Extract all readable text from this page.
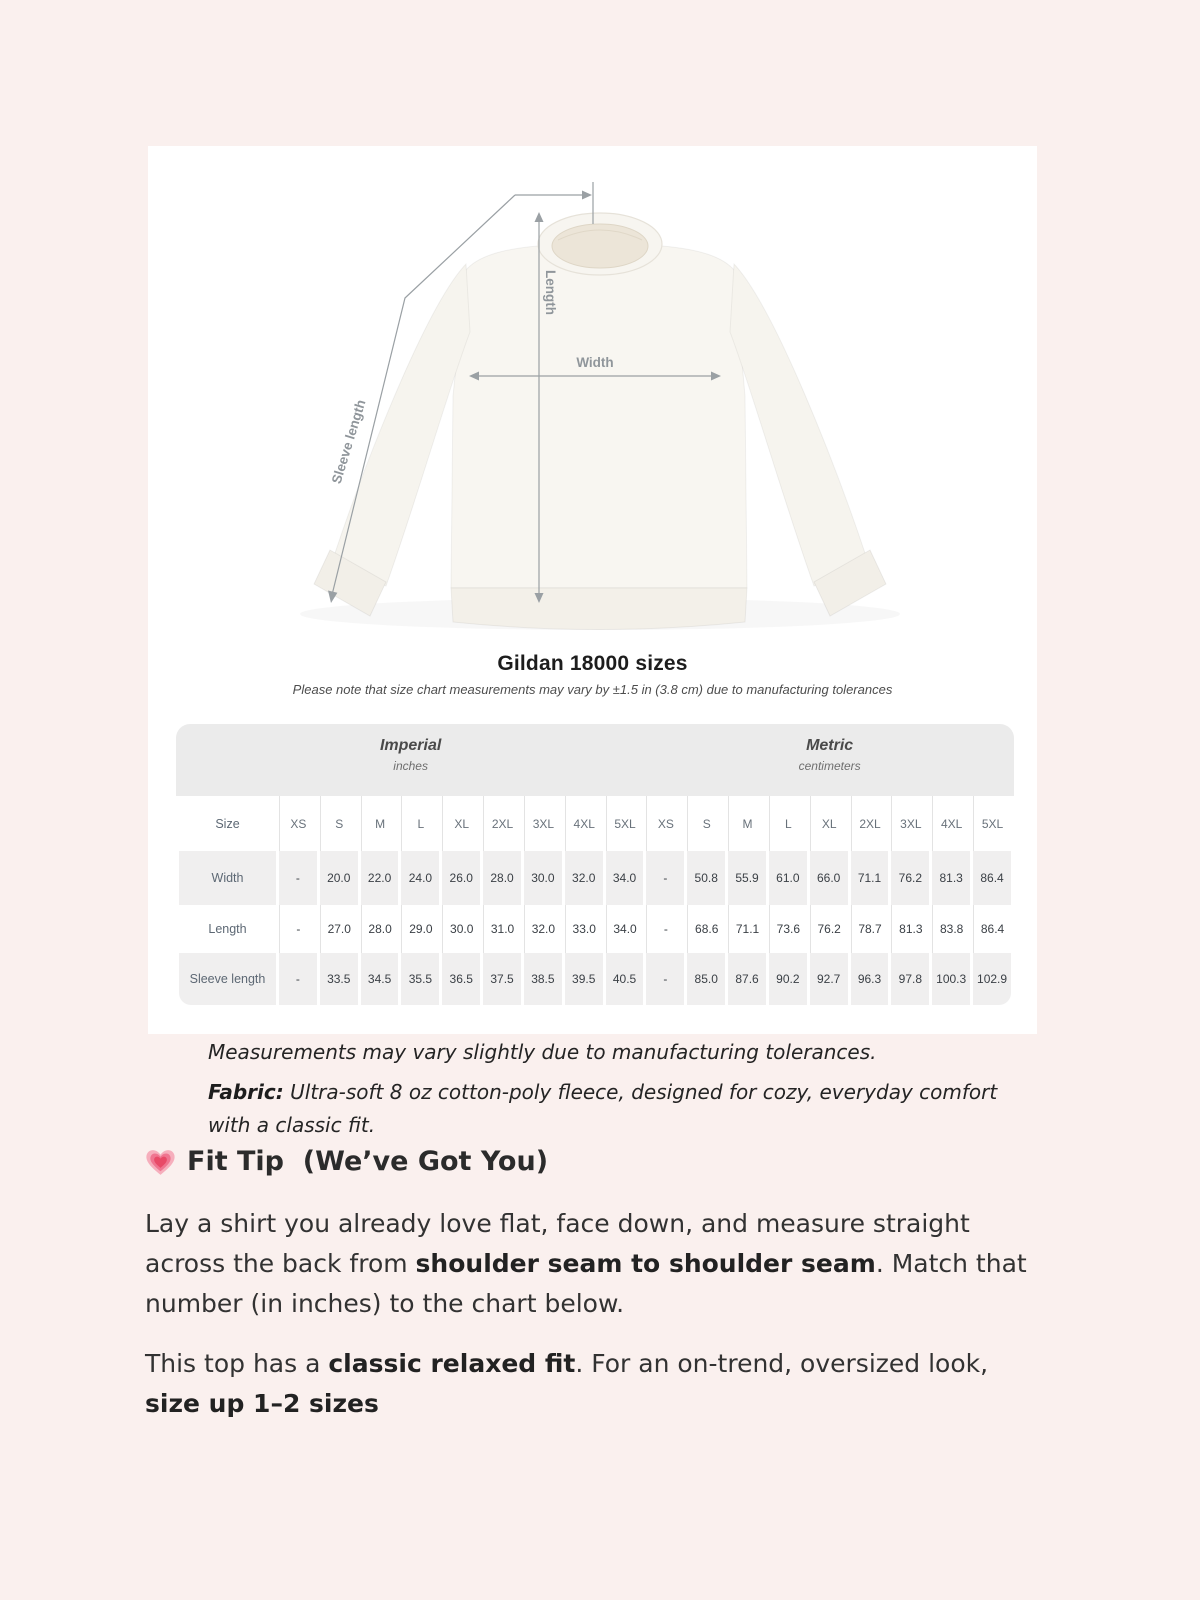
Length
Width
Sleeve length
Gildan 18000 sizes
Please note that size chart measurements may vary by ±1.5 in (3.8 cm) due to manufacturing tolerances
Imperial
inches
Metric
centimeters
Size	XS	S	M	L	XL	2XL	3XL	4XL	5XL	XS	S	M	L	XL	2XL	3XL	4XL	5XL
Width	-	20.0	22.0	24.0	26.0	28.0	30.0	32.0	34.0	-	50.8	55.9	61.0	66.0	71.1	76.2	81.3	86.4
Length	-	27.0	28.0	29.0	30.0	31.0	32.0	33.0	34.0	-	68.6	71.1	73.6	76.2	78.7	81.3	83.8	86.4
Sleeve length	-	33.5	34.5	35.5	36.5	37.5	38.5	39.5	40.5	-	85.0	87.6	90.2	92.7	96.3	97.8	100.3	102.9
Measurements may vary slightly due to manufacturing tolerances.
Fabric: Ultra-soft 8 oz cotton-poly fleece, designed for cozy, everyday comfort with a classic fit.
Fit Tip  (We’ve Got You)
Lay a shirt you already love flat, face down, and measure straight across the back from shoulder seam to shoulder seam. Match that number (in inches) to the chart below.
This top has a classic relaxed fit. For an on-trend, oversized look, size up 1–2 sizes
